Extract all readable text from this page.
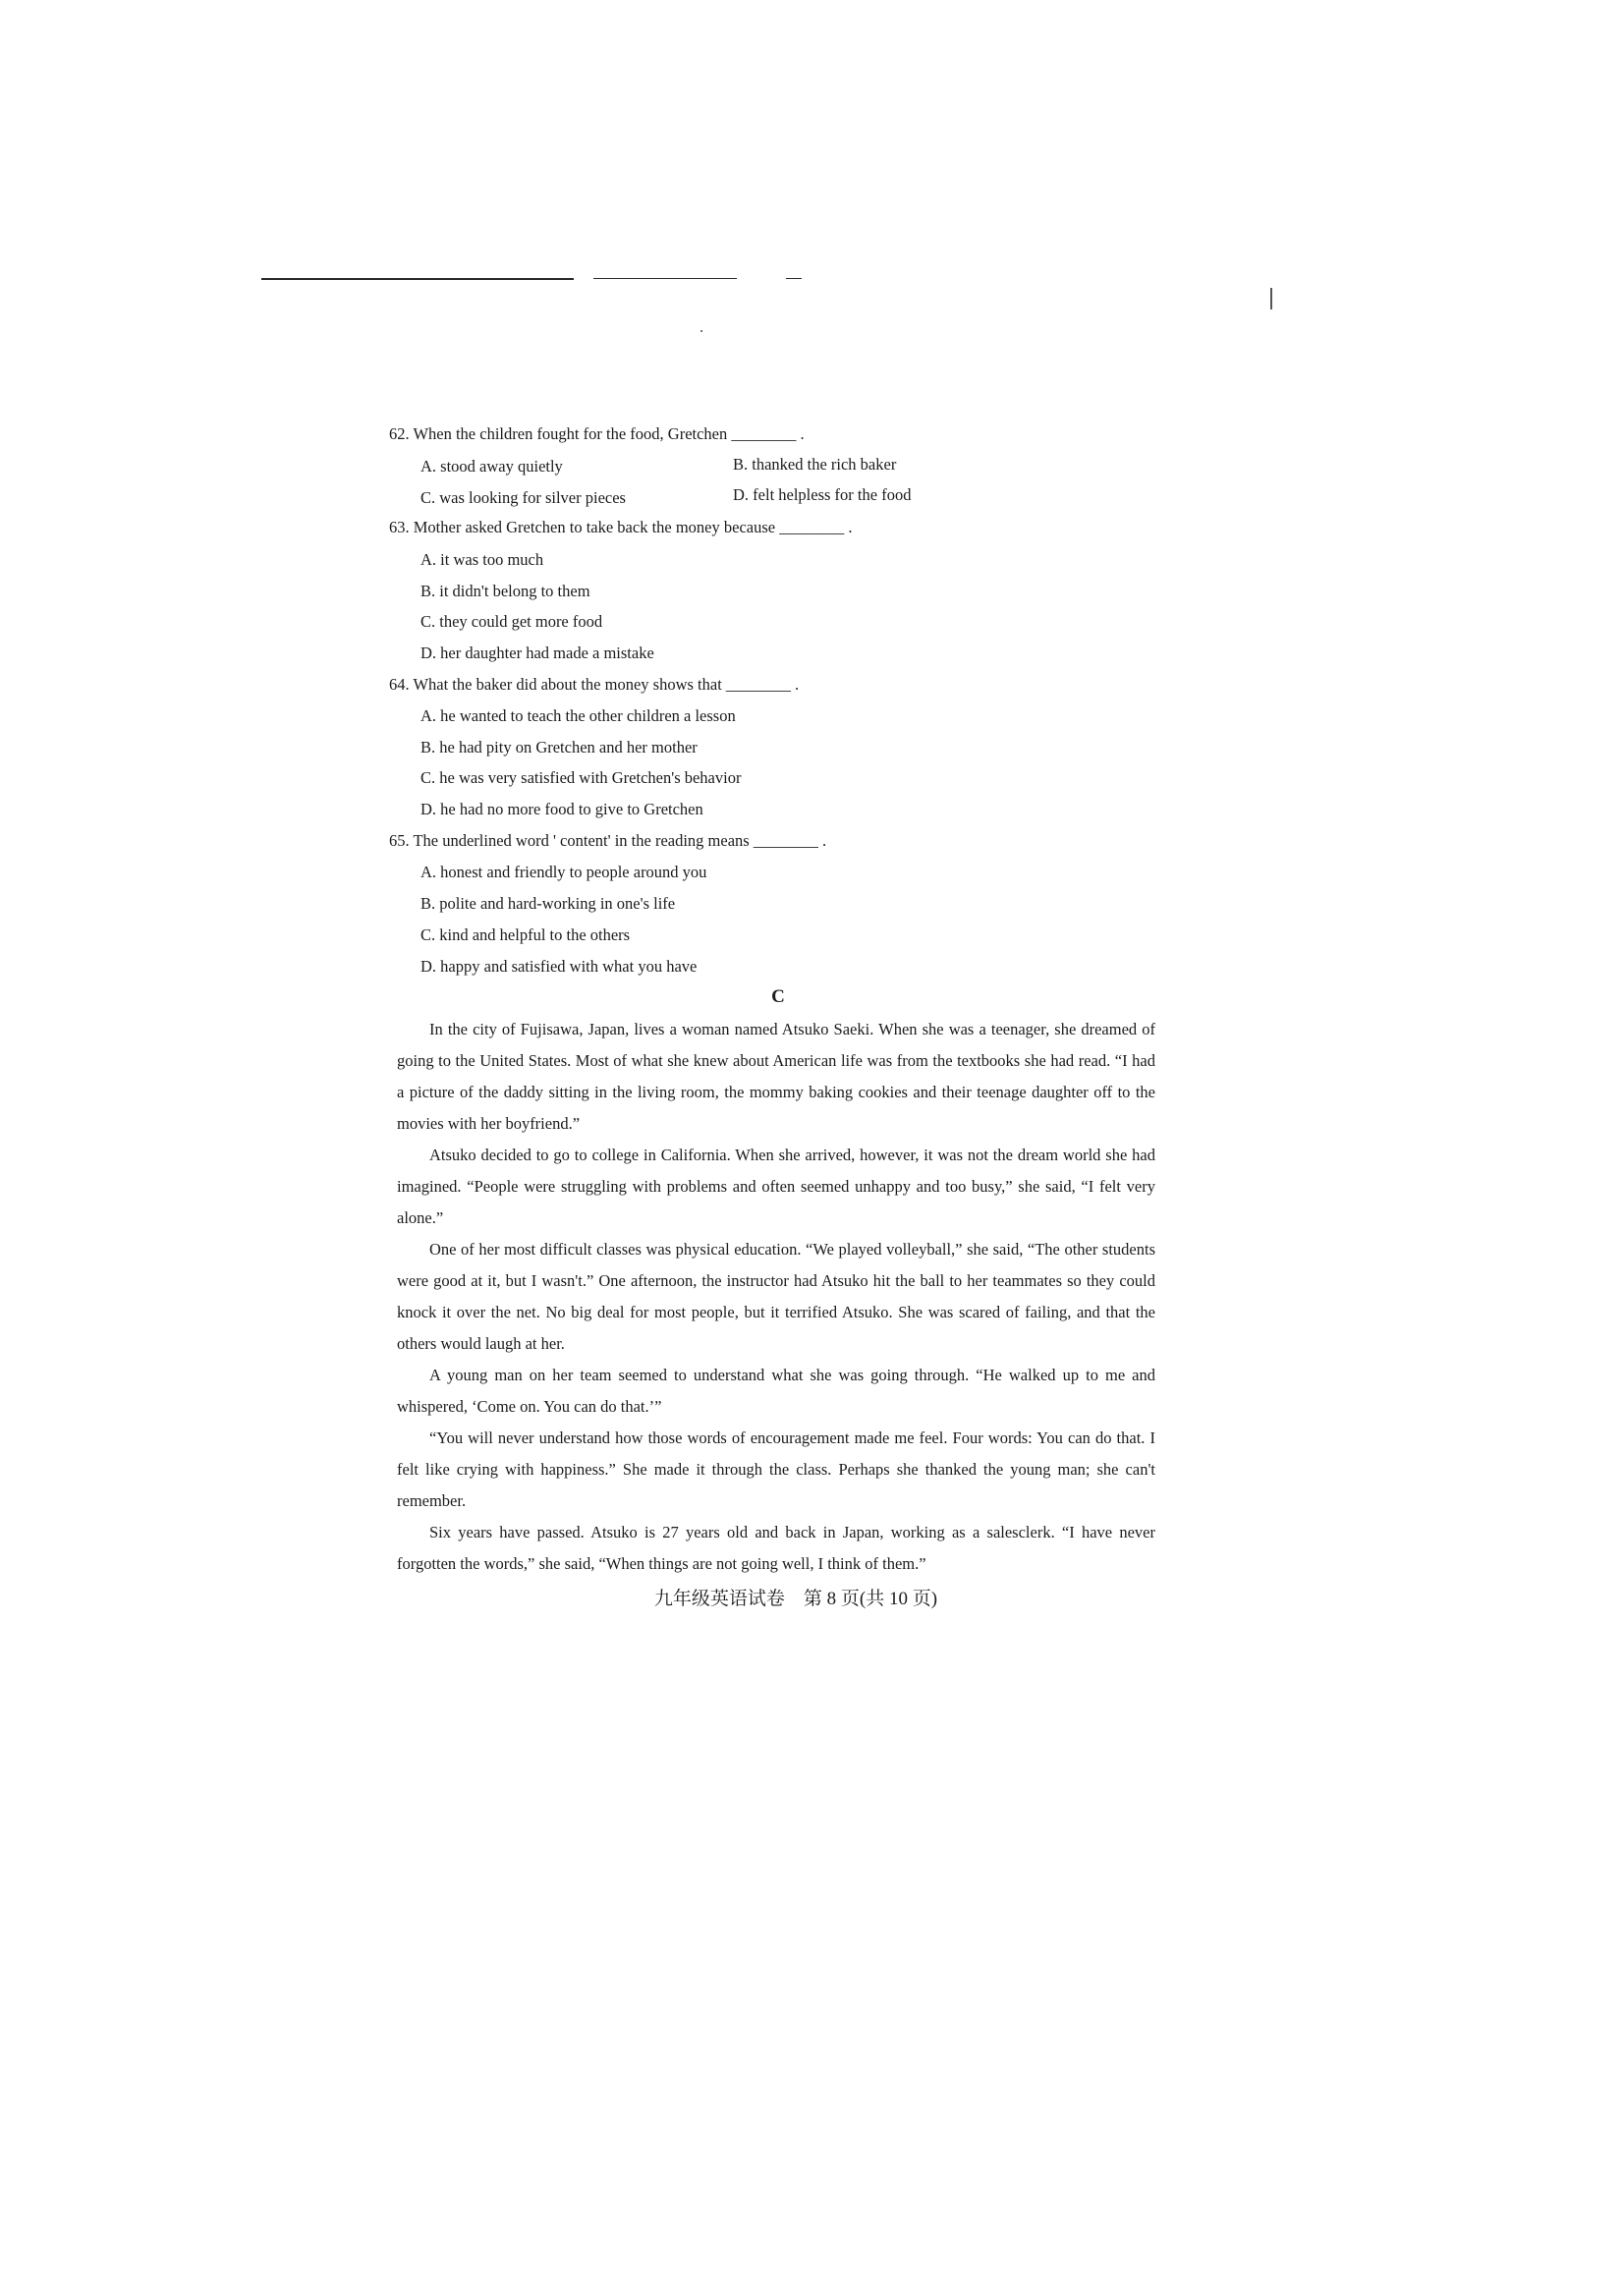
62. When the children fought for the food, Gretchen ________ .
A. stood away quietly	B. thanked the rich baker
C. was looking for silver pieces	D. felt helpless for the food
63. Mother asked Gretchen to take back the money because ________ .
A. it was too much
B. it didn't belong to them
C. they could get more food
D. her daughter had made a mistake
64. What the baker did about the money shows that ________ .
A. he wanted to teach the other children a lesson
B. he had pity on Gretchen and her mother
C. he was very satisfied with Gretchen's behavior
D. he had no more food to give to Gretchen
65. The underlined word ' content' in the reading means ________ .
A. honest and friendly to people around you
B. polite and hard-working in one's life
C. kind and helpful to the others
D. happy and satisfied with what you have
C

In the city of Fujisawa, Japan, lives a woman named Atsuko Saeki. When she was a teenager, she dreamed of going to the United States. Most of what she knew about American life was from the textbooks she had read. “I had a picture of the daddy sitting in the living room, the mommy baking cookies and their teenage daughter off to the movies with her boyfriend.”

Atsuko decided to go to college in California. When she arrived, however, it was not the dream world she had imagined. “People were struggling with problems and often seemed unhappy and too busy,” she said, “I felt very alone.”

One of her most difficult classes was physical education. “We played volleyball,” she said, “The other students were good at it, but I wasn't.” One afternoon, the instructor had Atsuko hit the ball to her teammates so they could knock it over the net. No big deal for most people, but it terrified Atsuko. She was scared of failing, and that the others would laugh at her.

A young man on her team seemed to understand what she was going through. “He walked up to me and whispered, ‘Come on. You can do that.’”

“You will never understand how those words of encouragement made me feel. Four words: You can do that. I felt like crying with happiness.” She made it through the class. Perhaps she thanked the young man; she can't remember.

Six years have passed. Atsuko is 27 years old and back in Japan, working as a salesclerk. “I have never forgotten the words,” she said, “When things are not going well, I think of them.”

九年级英语试卷　第 8 页(共 10 页)
